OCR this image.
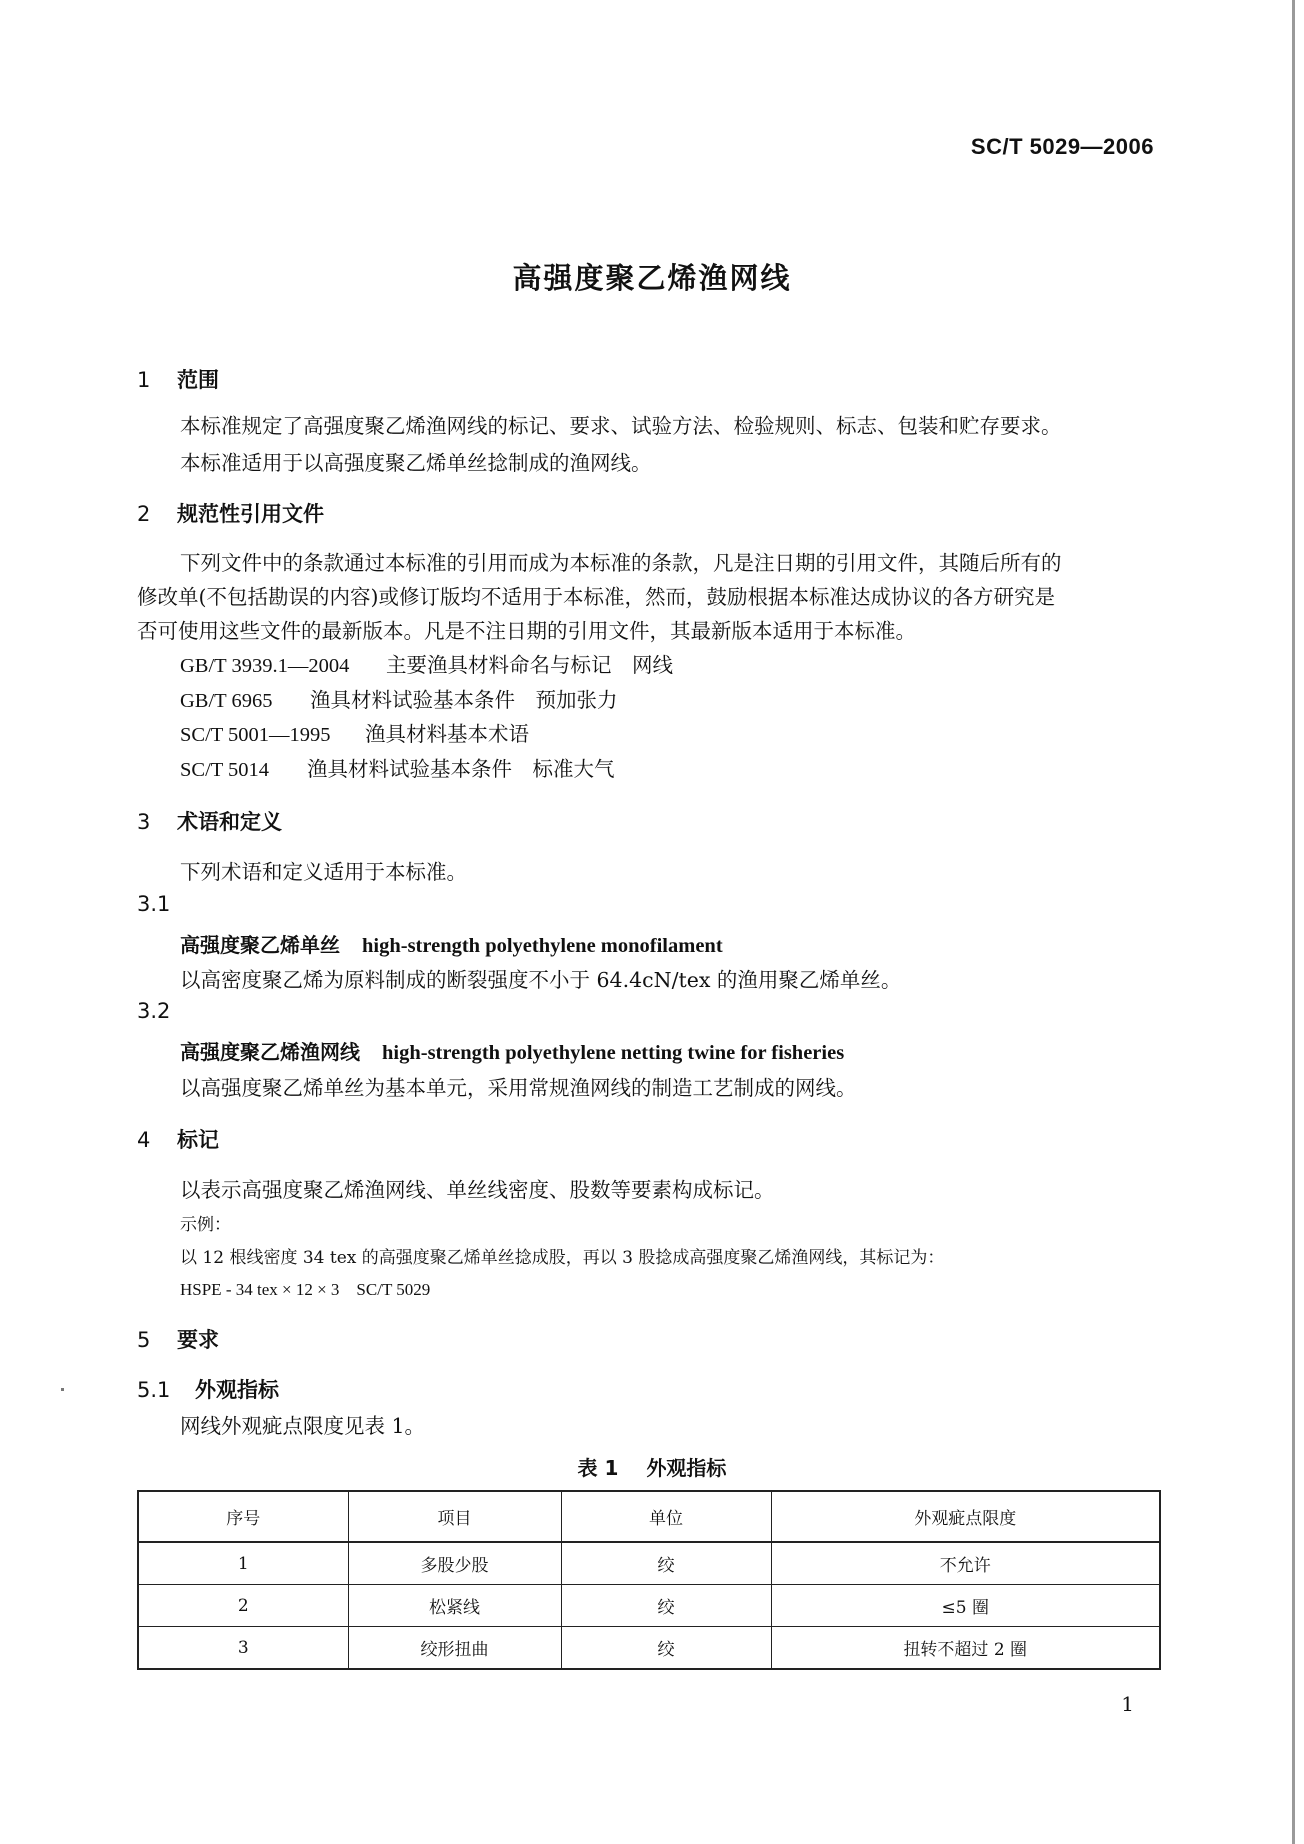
SC/T 5029—2006
高强度聚乙烯渔网线
1 范围
本标准规定了高强度聚乙烯渔网线的标记、要求、试验方法、检验规则、标志、包装和贮存要求。
本标准适用于以高强度聚乙烯单丝捻制成的渔网线。
2 规范性引用文件
下列文件中的条款通过本标准的引用而成为本标准的条款，凡是注日期的引用文件，其随后所有的
修改单(不包括勘误的内容)或修订版均不适用于本标准，然而，鼓励根据本标准达成协议的各方研究是
否可使用这些文件的最新版本。凡是不注日期的引用文件，其最新版本适用于本标准。
GB/T 3939.1—2004 主要渔具材料命名与标记　网线
GB/T 6965 渔具材料试验基本条件　预加张力
SC/T 5001—1995 渔具材料基本术语
SC/T 5014 渔具材料试验基本条件　标准大气
3 术语和定义
下列术语和定义适用于本标准。
3.1
高强度聚乙烯单丝 high-strength polyethylene monofilament
以高密度聚乙烯为原料制成的断裂强度不小于 64.4cN/tex 的渔用聚乙烯单丝。
3.2
高强度聚乙烯渔网线 high-strength polyethylene netting twine for fisheries
以高强度聚乙烯单丝为基本单元，采用常规渔网线的制造工艺制成的网线。
4 标记
以表示高强度聚乙烯渔网线、单丝线密度、股数等要素构成标记。
示例：
以 12 根线密度 34 tex 的高强度聚乙烯单丝捻成股，再以 3 股捻成高强度聚乙烯渔网线，其标记为：
HSPE - 34 tex × 12 × 3　SC/T 5029
5 要求
5.1 外观指标
网线外观疵点限度见表 1。
表 1 外观指标
序号	项目	单位	外观疵点限度
1	多股少股	绞	不允许
2	松紧线	绞	≤5 圈
3	绞形扭曲	绞	扭转不超过 2 圈
1
